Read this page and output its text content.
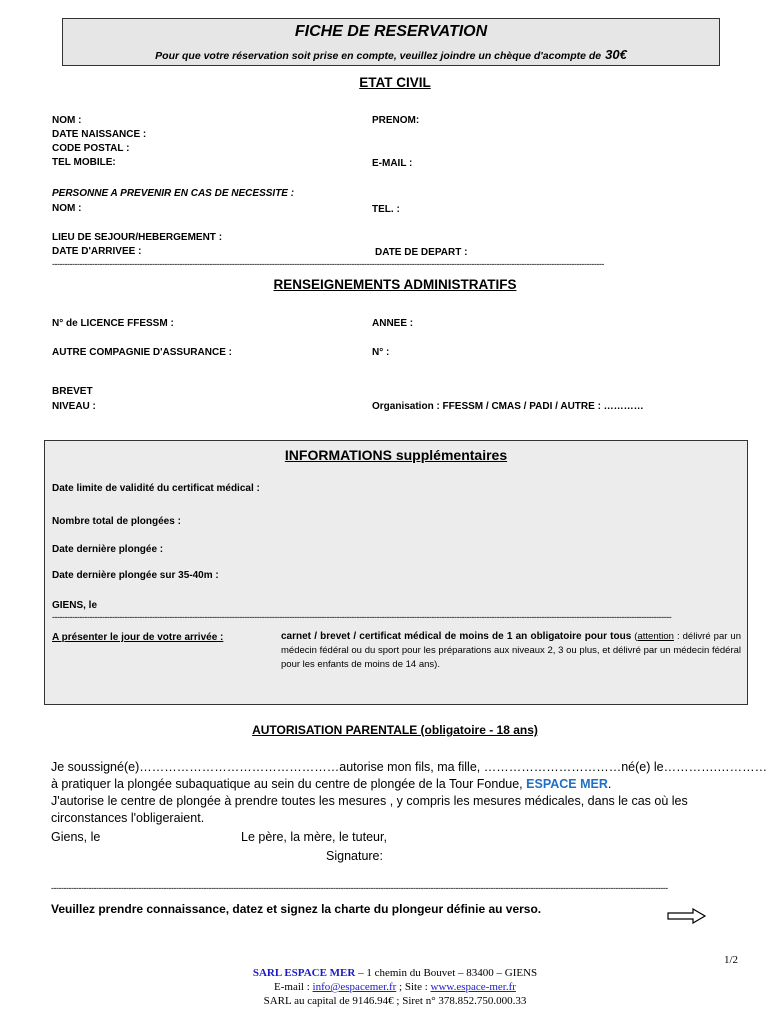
FICHE DE RESERVATION
Pour que votre réservation soit prise en compte, veuillez joindre un chèque d'acompte de 30€
ETAT CIVIL
NOM :	PRENOM:
DATE NAISSANCE :
CODE POSTAL :
TEL MOBILE:	E-MAIL :
PERSONNE A PREVENIR EN CAS DE NECESSITE :
NOM :	TEL. :
LIEU DE SEJOUR/HEBERGEMENT :
DATE D'ARRIVEE :	DATE DE DEPART :
-----------------------------------------------------------------------------------------------------------------------------------------------------------------------------------------------------------------------------
RENSEIGNEMENTS ADMINISTRATIFS
N° de LICENCE FFESSM :	ANNEE :
AUTRE COMPAGNIE D'ASSURANCE :	N° :
BREVET
NIVEAU :	Organisation : FFESSM / CMAS / PADI / AUTRE : …………
INFORMATIONS supplémentaires
Date limite de validité du certificat médical :
Nombre total de plongées :
Date dernière plongée :
Date dernière plongée sur 35-40m :
GIENS, le
--------------------------------------------------------------------------------------------------------------------------------------------------------------------------------------------------------------------------------------------------------
A présenter le jour de votre arrivée :	carnet / brevet / certificat médical de moins de 1 an obligatoire pour tous (attention : délivré par un médecin fédéral ou du sport pour les préparations aux niveaux 2, 3 ou plus, et délivré par un médecin fédéral pour les enfants de moins de 14 ans).
AUTORISATION PARENTALE (obligatoire - 18 ans)
Je soussigné(e)…………………………………………autorise mon fils, ma fille, ……………………………né(e) le………….…………
à pratiquer la plongée subaquatique au sein du centre de plongée de la Tour Fondue, ESPACE MER.
J'autorise le centre de plongée à prendre toutes les mesures , y compris les mesures médicales, dans le cas où les circonstances l'obligeraient.
Giens, le	Le père, la mère, le tuteur,
Signature:
-------------------------------------------------------------------------------------------------------------------------------------------------------------------------------------------------------------------------------------------------------
Veuillez prendre connaissance, datez et signez la charte du plongeur définie au verso.
1/2
SARL ESPACE MER – 1 chemin du Bouvet – 83400 – GIENS
E-mail : info@espacemer.fr ; Site : www.espace-mer.fr
SARL au capital de 9146.94€ ; Siret n° 378.852.750.000.33
